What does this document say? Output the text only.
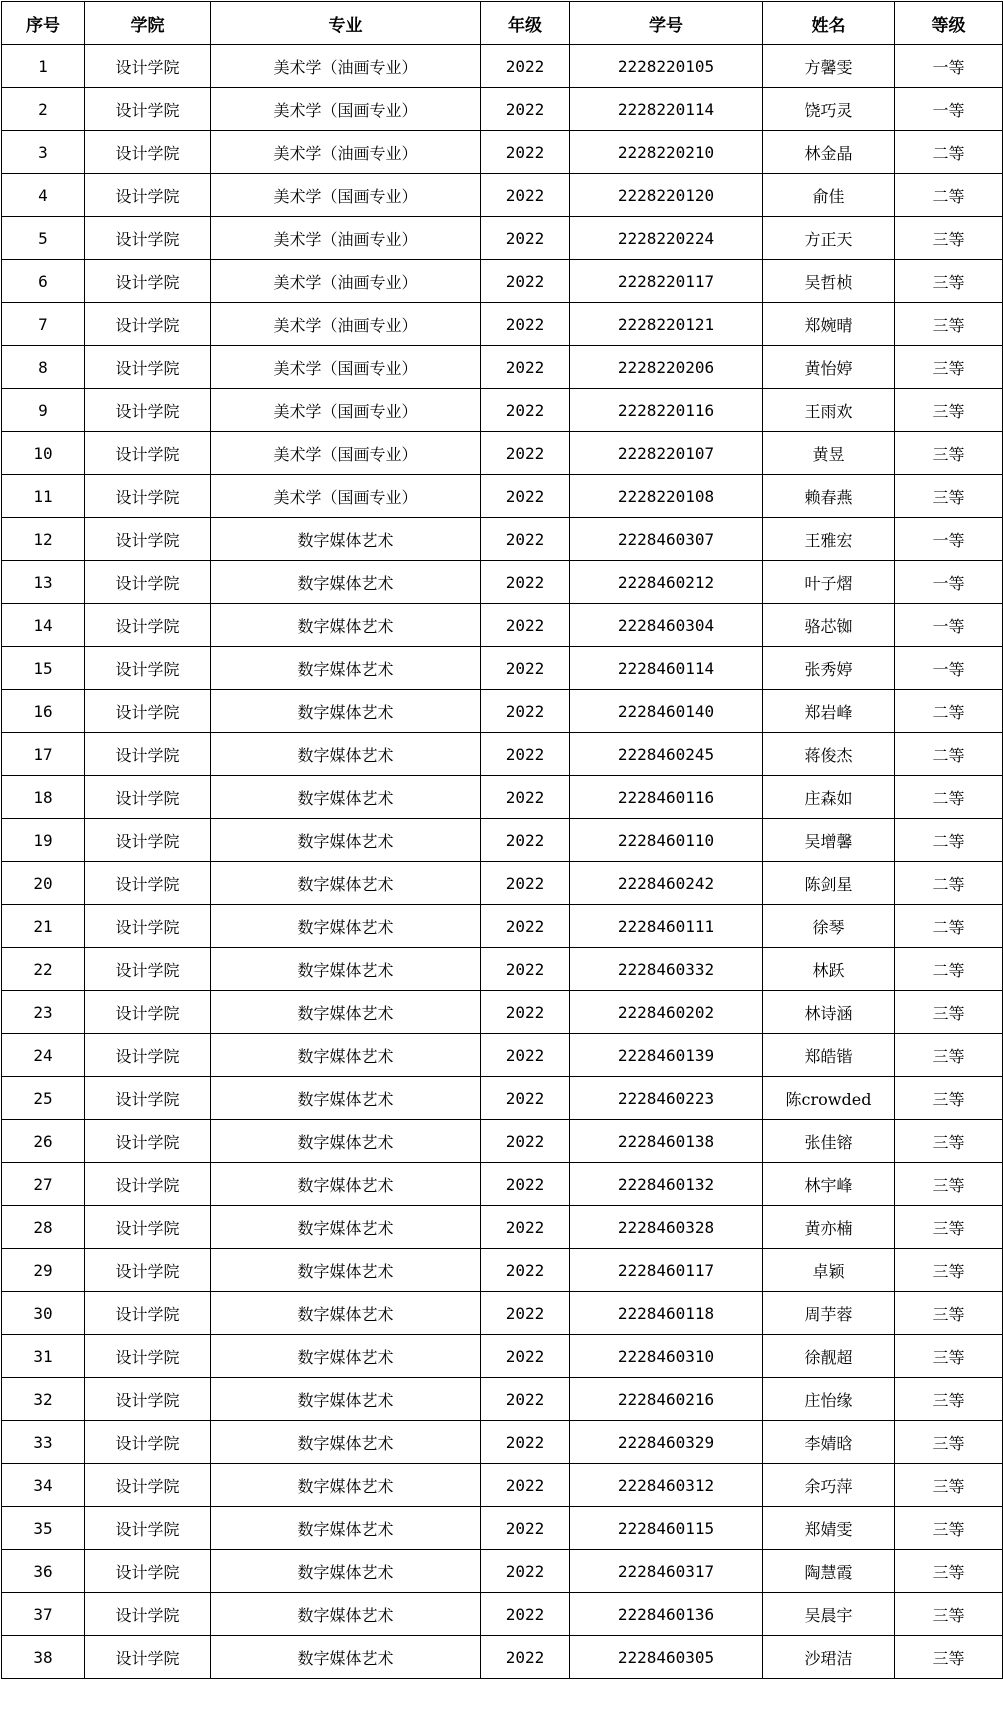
序号	学院	专业	年级	学号	姓名	等级
1	设计学院	美术学（油画专业）	2022	2228220105	方馨雯	一等
2	设计学院	美术学（国画专业）	2022	2228220114	饶巧灵	一等
3	设计学院	美术学（油画专业）	2022	2228220210	林金晶	二等
4	设计学院	美术学（国画专业）	2022	2228220120	俞佳	二等
5	设计学院	美术学（油画专业）	2022	2228220224	方正天	三等
6	设计学院	美术学（油画专业）	2022	2228220117	吴哲桢	三等
7	设计学院	美术学（油画专业）	2022	2228220121	郑婉晴	三等
8	设计学院	美术学（国画专业）	2022	2228220206	黄怡婷	三等
9	设计学院	美术学（国画专业）	2022	2228220116	王雨欢	三等
10	设计学院	美术学（国画专业）	2022	2228220107	黄昱	三等
11	设计学院	美术学（国画专业）	2022	2228220108	赖春燕	三等
12	设计学院	数字媒体艺术	2022	2228460307	王雅宏	一等
13	设计学院	数字媒体艺术	2022	2228460212	叶子熠	一等
14	设计学院	数字媒体艺术	2022	2228460304	骆芯铷	一等
15	设计学院	数字媒体艺术	2022	2228460114	张秀婷	一等
16	设计学院	数字媒体艺术	2022	2228460140	郑岩峰	二等
17	设计学院	数字媒体艺术	2022	2228460245	蒋俊杰	二等
18	设计学院	数字媒体艺术	2022	2228460116	庄森如	二等
19	设计学院	数字媒体艺术	2022	2228460110	吴增馨	二等
20	设计学院	数字媒体艺术	2022	2228460242	陈剑星	二等
21	设计学院	数字媒体艺术	2022	2228460111	徐琴	二等
22	设计学院	数字媒体艺术	2022	2228460332	林跃	二等
23	设计学院	数字媒体艺术	2022	2228460202	林诗涵	三等
24	设计学院	数字媒体艺术	2022	2228460139	郑皓锴	三等
25	设计学院	数字媒体艺术	2022	2228460223	陈crowded	三等
26	设计学院	数字媒体艺术	2022	2228460138	张佳镕	三等
27	设计学院	数字媒体艺术	2022	2228460132	林宇峰	三等
28	设计学院	数字媒体艺术	2022	2228460328	黄亦楠	三等
29	设计学院	数字媒体艺术	2022	2228460117	卓颖	三等
30	设计学院	数字媒体艺术	2022	2228460118	周芋蓉	三等
31	设计学院	数字媒体艺术	2022	2228460310	徐靓超	三等
32	设计学院	数字媒体艺术	2022	2228460216	庄怡缘	三等
33	设计学院	数字媒体艺术	2022	2228460329	李婧晗	三等
34	设计学院	数字媒体艺术	2022	2228460312	余巧萍	三等
35	设计学院	数字媒体艺术	2022	2228460115	郑婧雯	三等
36	设计学院	数字媒体艺术	2022	2228460317	陶慧霞	三等
37	设计学院	数字媒体艺术	2022	2228460136	吴晨宇	三等
38	设计学院	数字媒体艺术	2022	2228460305	沙珺洁	三等
